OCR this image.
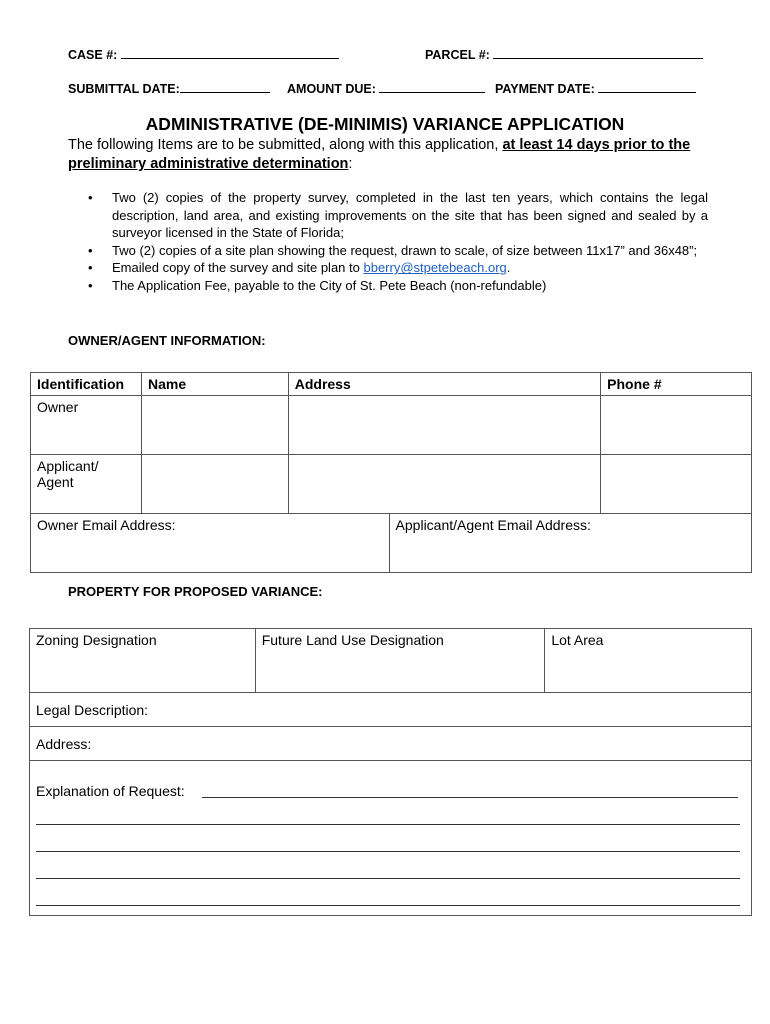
CASE #:	PARCEL #:
SUBMITTAL DATE:	AMOUNT DUE:	PAYMENT DATE:
ADMINISTRATIVE (DE-MINIMIS) VARIANCE APPLICATION
The following Items are to be submitted, along with this application, at least 14 days prior to the preliminary administrative determination:
• Two (2) copies of the property survey, completed in the last ten years, which contains the legal description, land area, and existing improvements on the site that has been signed and sealed by a surveyor licensed in the State of Florida;
• Two (2) copies of a site plan showing the request, drawn to scale, of size between 11x17” and 36x48”;
• Emailed copy of the survey and site plan to bberry@stpetebeach.org.
• The Application Fee, payable to the City of St. Pete Beach (non-refundable)
OWNER/AGENT INFORMATION:
Identification	Name	Address		Phone #
Owner				
Applicant/
Agent				
Owner Email Address:			Applicant/Agent Email Address:	
PROPERTY FOR PROPOSED VARIANCE:
Zoning Designation	Future Land Use Designation	Lot Area
Legal Description:
Address:
Explanation of Request:
